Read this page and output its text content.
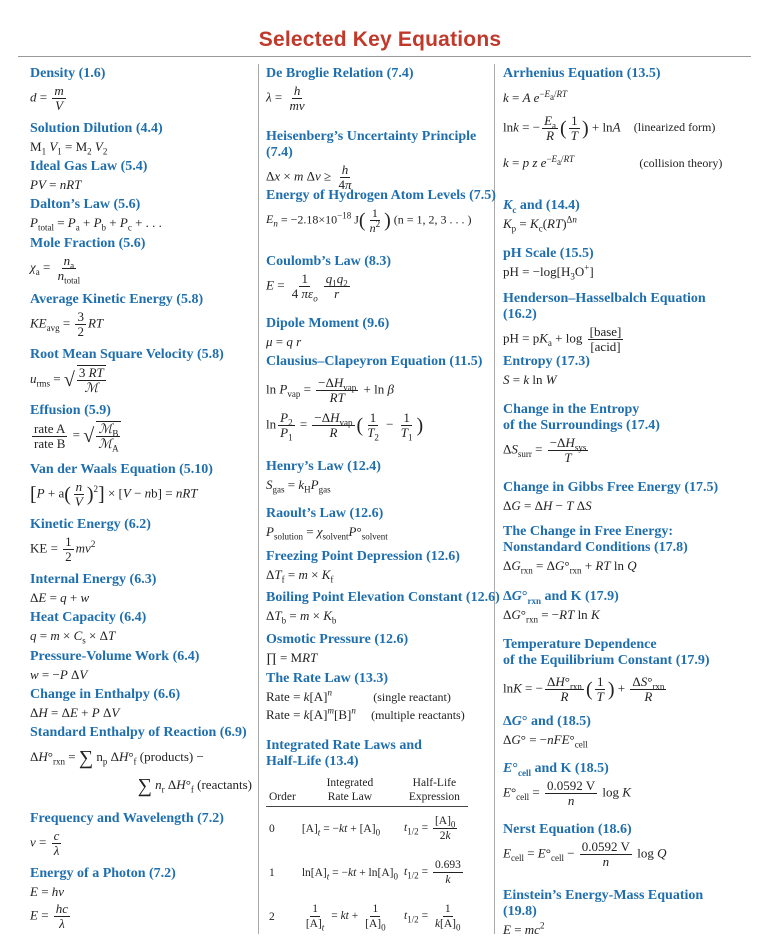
Selected Key Equations
Density (1.6)
$d = \frac{m}{V}$
Solution Dilution (4.4)
$M_1$ $V_1 = M_2$ $V_2$
Ideal Gas Law (5.4)
PV = nRT
Dalton’s Law (5.6)
$P_{total} = P_a + P_b + P_c$ + . . .
Mole Fraction (5.6)
$\chi_a = \frac{n_a}{n_{total}}$
Average Kinetic Energy (5.8)
$KE_{avg} = \frac{3}{2}$ RT
Root Mean Square Velocity (5.8)
$u_{rms}$ = √ $\frac{3 RT}{\text{ℳ}}$
Effusion (5.9)
$\frac{\text{rate A}}{\text{rate B}}$ = √ $\frac{ℳ_B}{ℳ_A}$
Van der Waals Equation (5.10)
$[P + a( \frac{n}{V} )^2] \times [V - nb]$ = nRT
Kinetic Energy (6.2)
KE = $\frac{1}{2} mv^2$
Internal Energy (6.3)
ΔE = q + w
Heat Capacity (6.4)
$q = m \times C_s \times \Delta T$
Pressure-Volume Work (6.4)
w = −P ΔV
Change in Enthalpy (6.6)
ΔH = ΔE + P ΔV
Standard Enthalpy of Reaction (6.9)
$\Delta H^\circ_{rxn}$ = ∑ $n_p$ $\Delta H^\circ_f$ (products) −
∑ $n_r$ $\Delta H^\circ_f$ (reactants)
Frequency and Wavelength (7.2)
$\nu = \frac{c}{\lambda}$
Energy of a Photon (7.2)
E = hν
$E = \frac{hc}{\lambda}$
De Broglie Relation (7.4)
$\lambda = \frac{h}{m\nu}$
Heisenberg’s Uncertainty Principle (7.4)
Δx × m $\Delta\nu \ge \frac{h}{4\pi}$
Energy of Hydrogen Atom Levels (7.5)
$E_n = -2.18\times 10^{-18}$ $J( \frac{1}{n^2}$ ) (n = 1, 2, 3 . . . )
Coulomb’s Law (8.3)
$E = \frac{1}{4 \pi\varepsilon_o} \frac{q_1q_2}{r}$
Dipole Moment (9.6)
μ = q r
Clausius–Clapeyron Equation (11.5)
$\ln P_{vap} = \frac{-\Delta H_{vap}}{RT} + \ln \beta$
$\ln \frac{P_2}{P_1} = \frac{-\Delta H_{vap}}{R}$ ( $\frac{1}{T_2} - \frac{1}{T_1}$ )
Henry’s Law (12.4)
$S_{gas} = k_HP_{gas}$
Raoult’s Law (12.6)
$P_{solution} = \chi_{solvent}P^\circ_{solvent}$
Freezing Point Depression (12.6)
$\Delta T_f = m \times K_f$
Boiling Point Elevation Constant (12.6)
$\Delta T_b = m \times K_b$
Osmotic Pressure (12.6)
∏ = MRT
The Rate Law (13.3)
Rate = $k[A]^n$	(single reactant)
Rate = $k[A]^m[B]^n$ (multiple reactants)
Integrated Rate Laws and
Half-Life (13.4)
Order	Integrated
Rate Law	Half-Life
Expression
0	$[A]_t = -kt + [A]_0$	$t_{1/2} = \frac{[A]_0}{2k}$

1	$\ln[A]_t = -kt + \ln[A]_0$	$t_{1/2} = \frac{0.693}{k}$

2	$\frac{1}{[A]_t}$ = kt + $\frac{1}{[A]_0}$	$t_{1/2} = \frac{1}{k[A]_0}$
Arrhenius Equation (13.5)
k = A $e^{-E_a/RT}$
lnk = − $\frac{E_a}{R}$ ( $\frac{1}{T}$ ) + lnA (linearized form)
k = p z $e^{-E_a/RT}$	(collision theory)
$K_c$ and (14.4)
$K_p = K_c(RT)^{\Delta n}$
pH Scale (15.5)
pH = $-\log[H_3O^+]$
Henderson–Hasselbalch Equation (16.2)
pH = $pK_a + \log \frac{\text{[base]}}{\text{[acid]}}$
Entropy (17.3)
S = k ln W
Change in the Entropy
of the Surroundings (17.4)
$\Delta S_{surr} = \frac{-\Delta H_{sys}}{T}$
Change in Gibbs Free Energy (17.5)
ΔG = ΔH − T ΔS
The Change in Free Energy:
Nonstandard Conditions (17.8)
$\Delta G_{rxn} = \Delta G^\circ_{rxn}$ + RT ln Q
$\Delta G^\circ_{rxn}$ and K (17.9)
$\Delta G^\circ_{rxn} = -RT$ ln K
Temperature Dependence
of the Equilibrium Constant (17.9)
lnK = − $\frac{\Delta H^\circ_{rxn}}{R}$ ( $\frac{1}{T}$ ) + $\frac{\Delta S^\circ_{rxn}}{R}$
ΔG° and (18.5)
$\Delta G^\circ = -nFE^\circ_{cell}$
$E^\circ_{cell}$ and K (18.5)
$E^\circ_{cell} = \frac{0.0592 V}{n}$ log K
Nerst Equation (18.6)
$E_{cell} = E^\circ_{cell} - \frac{0.0592 V}{n}$ log Q
Einstein’s Energy-Mass Equation (19.8)
$E = mc^2$
